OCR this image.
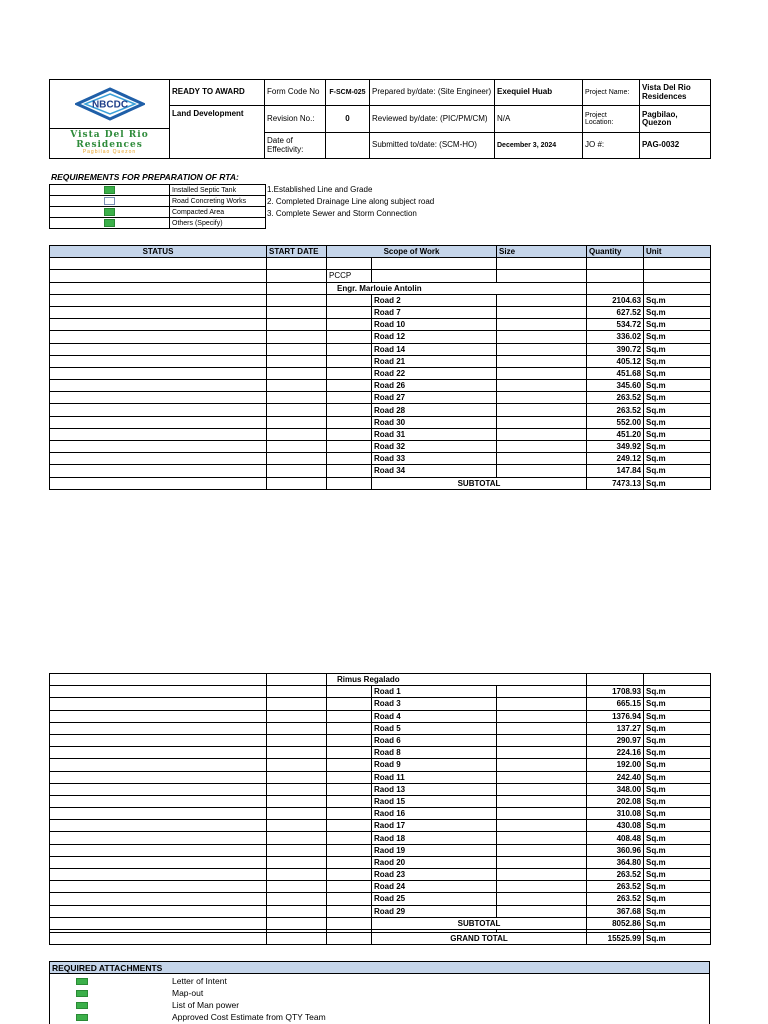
NBCDC
Vista Del Rio
Residences
Pagbilao Quezon	READY TO AWARD	Form Code No	F-SCM-025	Prepared by/date: (Site Engineer)	Exequiel Huab	Project Name:	Vista Del Rio Residences
	Land Development	Revision No.:	0	Reviewed by/date: (PIC/PM/CM)	N/A	Project Location:	Pagbilao, Quezon
		Date of Effectivity:		Submitted to/date: (SCM-HO)	December 3, 2024	JO #:	PAG-0032
REQUIREMENTS FOR PREPARATION OF RTA:
	Installed Septic Tank
	Road Concreting Works
	Compacted Area
	Others (Specify)
1.Established Line and Grade
2. Completed Drainage Line along subject road
3. Complete Sewer and Storm Connection
STATUS	START DATE	Scope of Work		Size	Quantity	Unit

		PCCP				
		Engr. Marlouie Antolin				
			Road 2		2104.63	Sq.m
			Road 7		627.52	Sq.m
			Road 10		534.72	Sq.m
			Road 12		336.02	Sq.m
			Road 14		390.72	Sq.m
			Road 21		405.12	Sq.m
			Road 22		451.68	Sq.m
			Road 26		345.60	Sq.m
			Road 27		263.52	Sq.m
			Road 28		263.52	Sq.m
			Road 30		552.00	Sq.m
			Road 31		451.20	Sq.m
			Road 32		349.92	Sq.m
			Road 33		249.12	Sq.m
			Road 34		147.84	Sq.m
			SUBTOTAL		7473.13	Sq.m
		Rimus Regalado				
			Road 1		1708.93	Sq.m
			Road 3		665.15	Sq.m
			Road 4		1376.94	Sq.m
			Road 5		137.27	Sq.m
			Road 6		290.97	Sq.m
			Road 8		224.16	Sq.m
			Road 9		192.00	Sq.m
			Road 11		242.40	Sq.m
			Raod 13		348.00	Sq.m
			Raod 15		202.08	Sq.m
			Raod 16		310.08	Sq.m
			Raod 17		430.08	Sq.m
			Raod 18		408.48	Sq.m
			Raod 19		360.96	Sq.m
			Raod 20		364.80	Sq.m
			Road 23		263.52	Sq.m
			Road 24		263.52	Sq.m
			Road 25		263.52	Sq.m
			Road 29		367.68	Sq.m
			SUBTOTAL		8052.86	Sq.m

			GRAND TOTAL		15525.99	Sq.m
REQUIRED ATTACHMENTS
Letter of Intent
Map-out
List of Man power
Approved Cost Estimate from QTY Team
